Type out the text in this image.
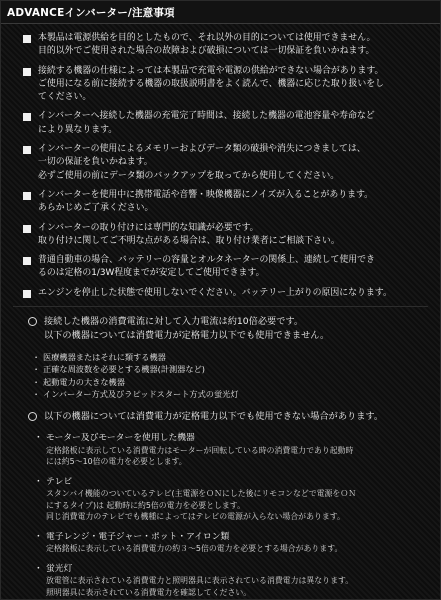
ADVANCEインバーター/注意事項
本製品は電源供給を目的としたもので、それ以外の目的については使用できません。
目的以外でご使用された場合の故障および破損については一切保証を負いかねます。
接続する機器の仕様によっては本製品で充電や電源の供給ができない場合があります。
ご使用になる前に接続する機器の取扱説明書をよく読んで、機器に応じた取り扱いをし
てください。
インバーターへ接続した機器の充電完了時間は、接続した機器の電池容量や寿命など
により異なります。
インバーターの使用によるメモリーおよびデータ類の破損や消失につきましては、
一切の保証を負いかねます。
必ずご使用の前にデータ類のバックアップを取ってから使用してください。
インバーターを使用中に携帯電話や音響・映像機器にノイズが入ることがあります。
あらかじめご了承ください。
インバーターの取り付けには専門的な知識が必要です。
取り付けに関してご不明な点がある場合は、取り付け業者にご相談下さい。
普通自動車の場合、バッテリーの容量とオルタネーターの関係上、連続して使用でき
るのは定格の1/3W程度までが安定してご使用できます。
エンジンを停止した状態で使用しないでください。バッテリー上がりの原因になります。
接続した機器の消費電流に対して入力電流は約10倍必要です。
以下の機器については消費電力が定格電力以下でも使用できません。
・ 医療機器またはそれに類する機器
・ 正確な周波数を必要とする機器(計測器など)
・ 起動電力の大きな機器
・ インバーター方式及びラピッドスタート方式の蛍光灯
以下の機器については消費電力が定格電力以下でも使用できない場合があります。
・ モーター及びモーターを使用した機器
定格銘板に表示している消費電力はモーターが回転している時の消費電力であり起動時
には約5～10倍の電力を必要とします。
・ テレビ
スタンバイ機能のついているテレビ(主電源をＯＮにした後にリモコンなどで電源をＯＮ
にするタイプ)は 起動時に約5倍の電力を必要とします。
同じ消費電力のテレビでも機種によってはテレビの電源が入らない場合があります。
・ 電子レンジ・電子ジャー・ポット・アイロン類
定格銘板に表示している消費電力の約３～5倍の電力を必要とする場合があります。
・ 蛍光灯
放電管に表示されている消費電力と照明器具に表示されている消費電力は異なります。
照明器具に表示されている消費電力を確認してください。
